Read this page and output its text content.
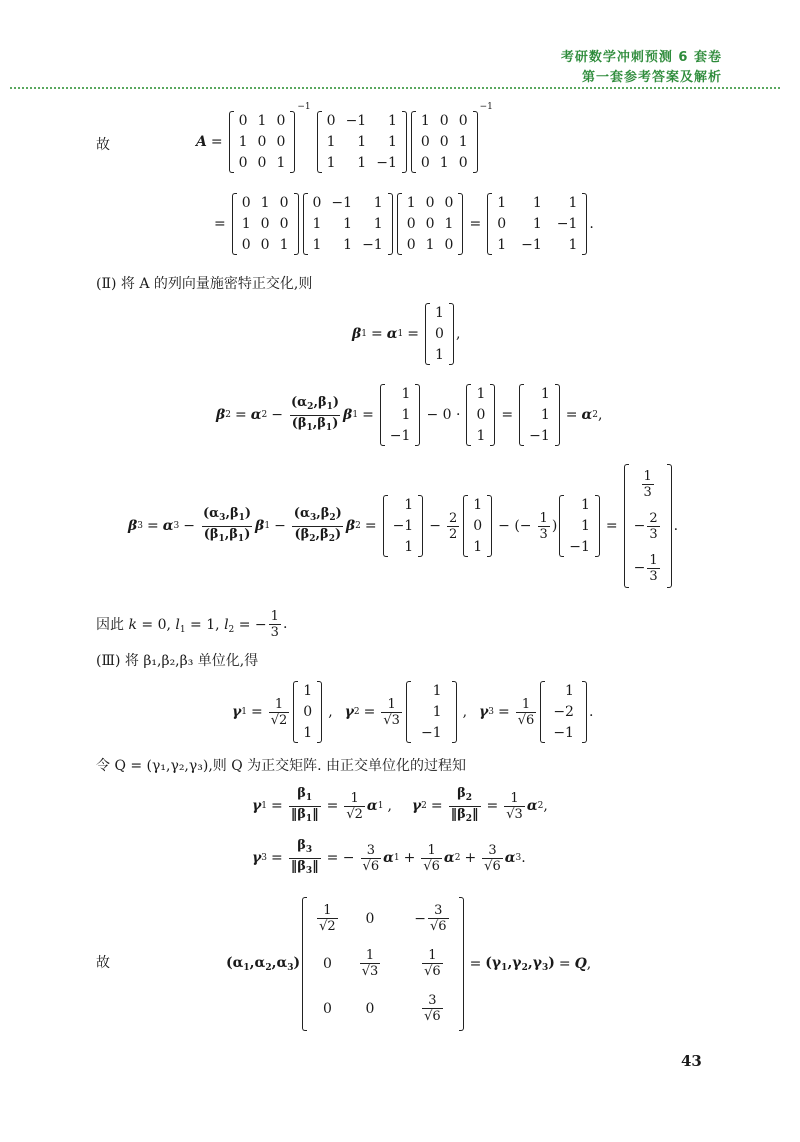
考研数学冲刺预测 6 套卷
第一套参考答案及解析
故	A =
0
1
0
1
0
0
0
0
1
$^{-1}$
0
1
1
−1
1
1
1
1
−1
1
0
0
0
0
1
0
1
0
$^{-1}$
=
0
1
0
1
0
0
0
0
1
0
1
1
−1
1
1
1
1
−1
1
0
0
0
0
1
0
1
0
=
1
0
1
1
1
−1
1
−1
1
.
(Ⅱ) 将 A 的列向量施密特正交化,则
β 1 = α 1 =
1
0
1
,
β 2 = α $2 - \frac{(\alpha_2,\beta_1)}{(\beta_1,\beta_1)}$ β 1 =
1
1
−1
− 0 ·
1
0
1
=
1
1
−1
= α 2 ,
β 3 = α $3 - \frac{(\alpha_3,\beta_1)}{(\beta_1,\beta_1)}$ β $1 - \frac{(\alpha_3,\beta_2)}{(\beta_2,\beta_2)}$ β 2 =
1
−1
1
− $\frac{2}{2}$
1
0
1
− (− $\frac{1}{3}$ )
1
1
−1
=
$\frac{1}{3}$
− $\frac{2}{3}$
− $\frac{1}{3}$
.
因此 k = 0, $l_1 = 1$, $l_2$ = − $\frac{1}{3}$ .
(Ⅲ) 将 β₁,β₂,β₃ 单位化,得
γ $1 = \frac{1}{√2}$
1
0
1
, γ $2 = \frac{1}{√3}$
1
1
−1
, γ $3 = \frac{1}{√6}$
1
−2
−1
.
令 Q = (γ₁,γ₂,γ₃),则 Q 为正交矩阵. 由正交单位化的过程知
γ $1 = \frac{\beta_1}{‖\beta_1‖} = \frac{1}{√2}$ α 1 , γ $2 = \frac{\beta_2}{‖\beta_2‖} = \frac{1}{√3}$ α 2 ,
γ $3 = \frac{\beta_3}{‖\beta_3‖}$ = − $\frac{3}{√6}$ α $1 + \frac{1}{√6}$ α $2 + \frac{3}{√6}$ α 3 .
故	$(\alpha_1,\alpha_2,\alpha_3)$
$\frac{1}{√2}$
0
0
0
$\frac{1}{√3}$
0
− $\frac{3}{√6}$
$\frac{1}{√6}$
$\frac{3}{√6}$
= $(\gamma_1,\gamma_2,\gamma_3) = Q$ ,
43
